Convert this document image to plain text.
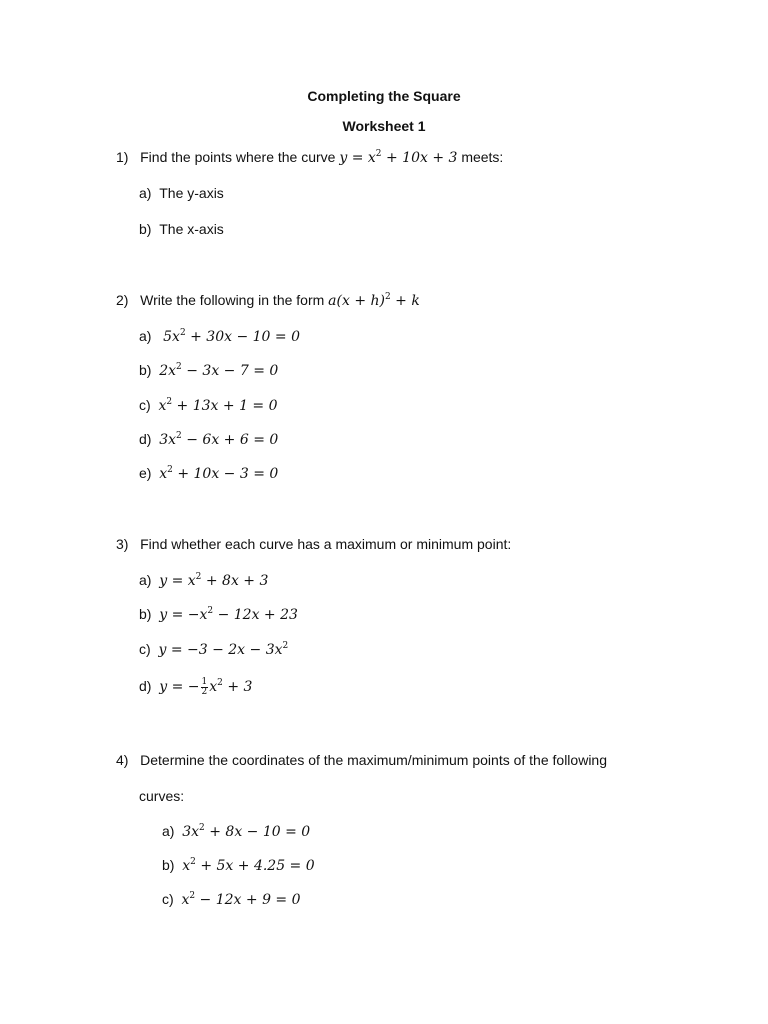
Completing the Square
Worksheet 1
1) Find the points where the curve $y = x^2 + 10x + 3$ meets:
a) The y-axis
b) The x-axis
2) Write the following in the form $a(x + h)^2 + k$
a) $5x^2 + 30x - 10 = 0$
b) $2x^2 - 3x - 7 = 0$
c) $x^2 + 13x + 1 = 0$
d) $3x^2 - 6x + 6 = 0$
e) $x^2 + 10x - 3 = 0$
3) Find whether each curve has a maximum or minimum point:
a) $y = x^2 + 8x + 3$
b) $y = -x^2 - 12x + 23$
c) $y = -3 - 2x - 3x^2$
d) y = − $\frac{1}{2} x^2 + 3$
4) Determine the coordinates of the maximum/minimum points of the following
curves:
a) $3x^2 + 8x - 10 = 0$
b) $x^2 + 5x + 4.25 = 0$
c) $x^2 - 12x + 9 = 0$
